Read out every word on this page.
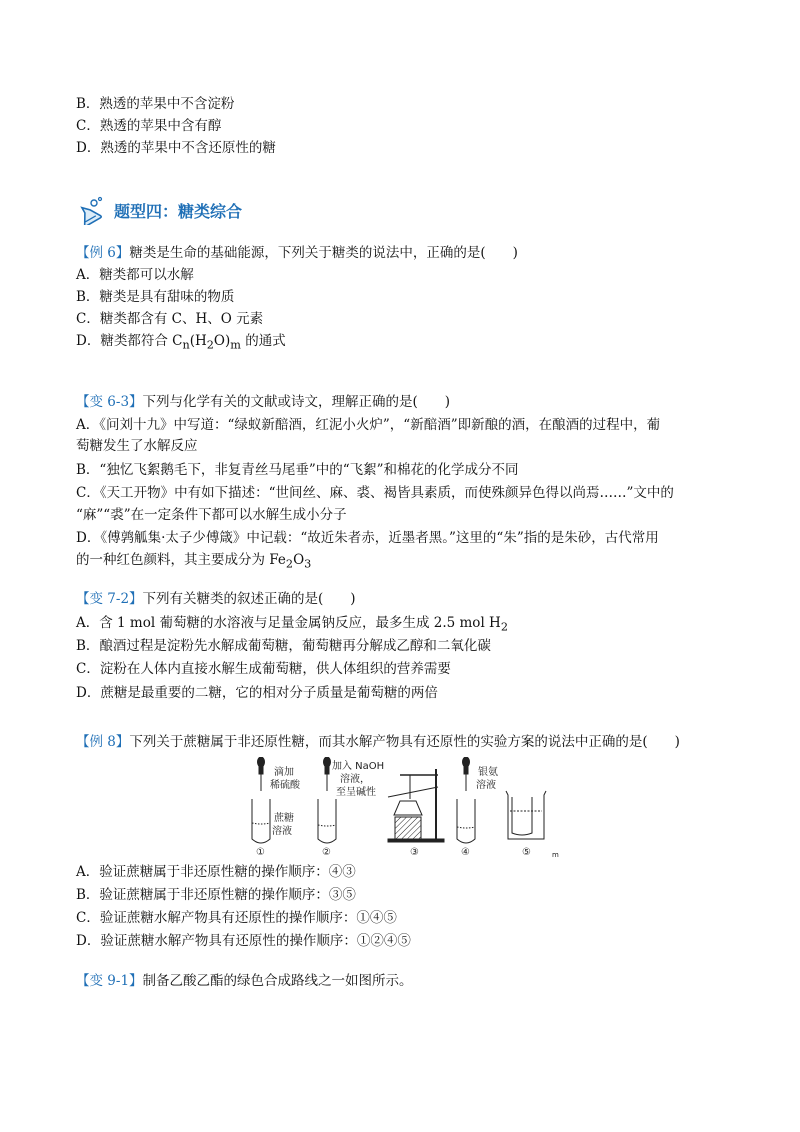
B．熟透的苹果中不含淀粉
C．熟透的苹果中含有醇
D．熟透的苹果中不含还原性的糖
题型四：糖类综合
【例 6】糖类是生命的基础能源，下列关于糖类的说法中，正确的是(　　)
A．糖类都可以水解
B．糖类是具有甜味的物质
C．糖类都含有 C、H、O 元素
D．糖类都符合 $C_n(H_2O)_m$ 的通式
【变 6-3】下列与化学有关的文献或诗文，理解正确的是(　　)
A．《问刘十九》中写道：“绿蚁新醅酒，红泥小火炉”，“新醅酒”即新酿的酒，在酿酒的过程中，葡
萄糖发生了水解反应
B．“独忆飞絮鹅毛下，非复青丝马尾垂”中的“飞絮”和棉花的化学成分不同
C．《天工开物》中有如下描述：“世间丝、麻、裘、褐皆具素质，而使殊颜异色得以尚焉……”文中的
“麻”“裘”在一定条件下都可以水解生成小分子
D．《傅鹑觚集·太子少傅箴》中记载：“故近朱者赤，近墨者黑。”这里的“朱”指的是朱砂，古代常用
的一种红色颜料，其主要成分为 $Fe_2O_3$
【变 7-2】下列有关糖类的叙述正确的是(　　)
A．含 1 mol 葡萄糖的水溶液与足量金属钠反应，最多生成 2.5 mol $H_2$
B．酿酒过程是淀粉先水解成葡萄糖，葡萄糖再分解成乙醇和二氧化碳
C．淀粉在人体内直接水解生成葡萄糖，供人体组织的营养需要
D．蔗糖是最重要的二糖，它的相对分子质量是葡萄糖的两倍
【例 8】下列关于蔗糖属于非还原性糖，而其水解产物具有还原性的实验方案的说法中正确的是(　　)
滴加
稀硫酸
蔗糖
溶液
加入 NaOH
溶液，
至呈碱性
银氨
溶液
①	②	③	④	⑤	m
A．验证蔗糖属于非还原性糖的操作顺序：④③
B．验证蔗糖属于非还原性糖的操作顺序：③⑤
C．验证蔗糖水解产物具有还原性的操作顺序：①④⑤
D．验证蔗糖水解产物具有还原性的操作顺序：①②④⑤
【变 9-1】制备乙酸乙酯的绿色合成路线之一如图所示。
